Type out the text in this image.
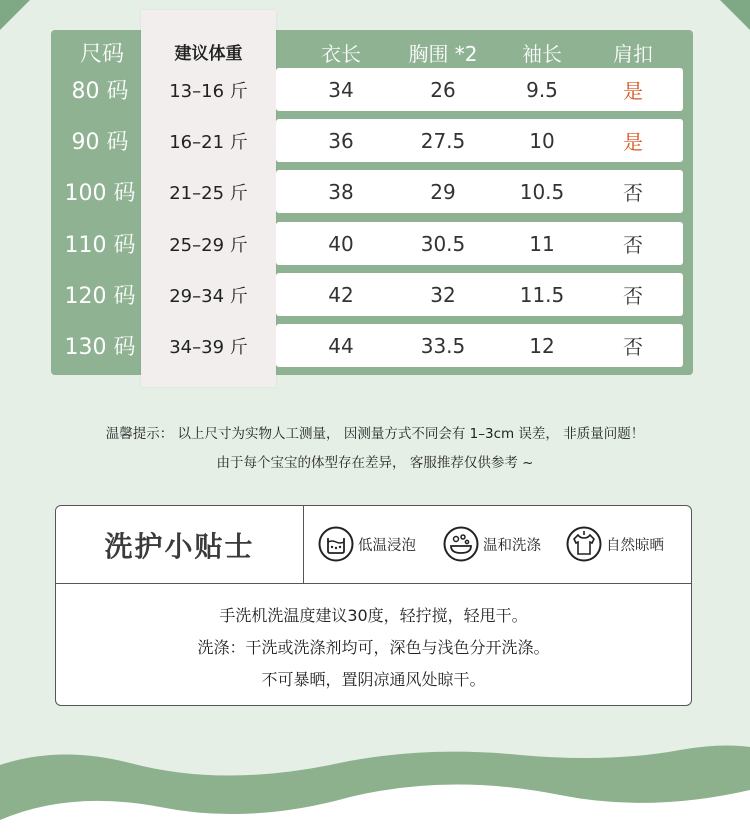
尺码	建议体重	衣长	胸围 *2	袖长	肩扣
80 码	13–16 斤	34	26	9.5	是
90 码	16–21 斤	36	27.5	10	是
100 码	21–25 斤	38	29	10.5	否
110 码	25–29 斤	40	30.5	11	否
120 码	29–34 斤	42	32	11.5	否
130 码	34–39 斤	44	33.5	12	否
温馨提示： 以上尺寸为实物人工测量， 因测量方式不同会有 1–3cm 误差， 非质量问题！
由于每个宝宝的体型存在差异， 客服推荐仅供参考 ~
洗护小贴士	低温浸泡	温和洗涤	自然晾晒
手洗机洗温度建议30度，轻拧搅，轻甩干。
洗涤：干洗或洗涤剂均可，深色与浅色分开洗涤。
不可暴晒，置阴凉通风处晾干。
